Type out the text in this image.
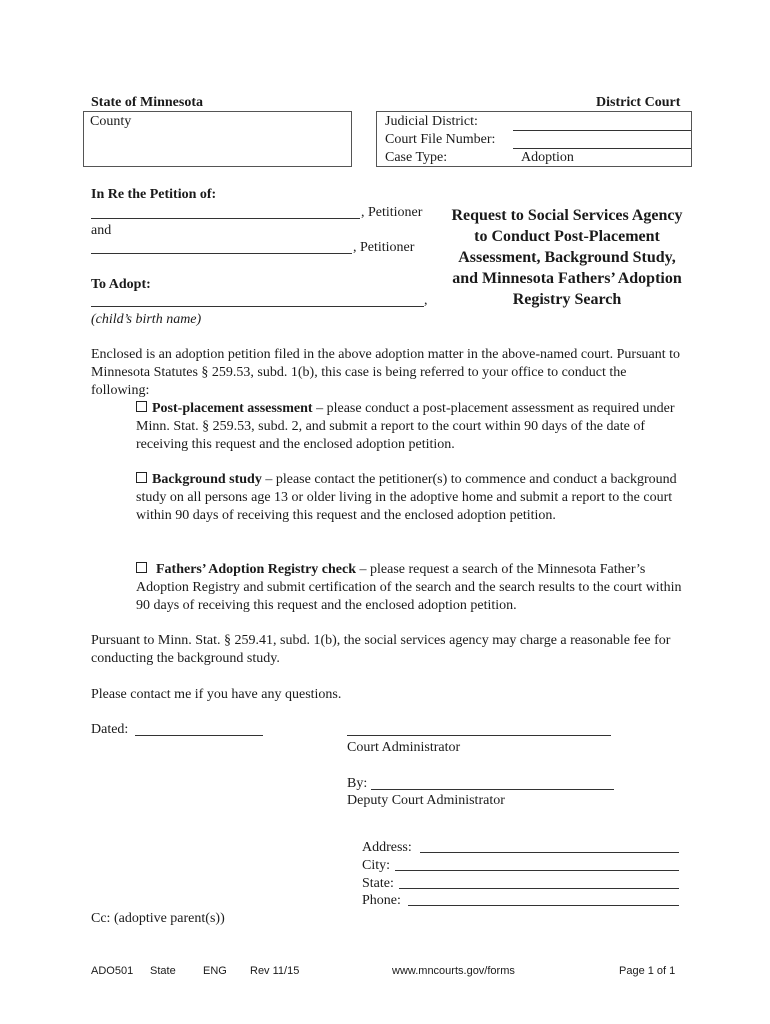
State of Minnesota	District Court
County	Judicial District:
Court File Number:
Case Type:	Adoption
In Re the Petition of:
, Petitioner
and
, Petitioner
To Adopt:
,
(child’s birth name)
Request to Social Services Agency to Conduct Post-Placement Assessment, Background Study, and Minnesota Fathers’ Adoption Registry Search
Enclosed is an adoption petition filed in the above adoption matter in the above-named court. Pursuant to Minnesota Statutes § 259.53, subd. 1(b), this case is being referred to your office to conduct the following:
Post-placement assessment – please conduct a post-placement assessment as required under Minn. Stat. § 259.53, subd. 2, and submit a report to the court within 90 days of the date of receiving this request and the enclosed adoption petition.
Background study – please contact the petitioner(s) to commence and conduct a background study on all persons age 13 or older living in the adoptive home and submit a report to the court within 90 days of receiving this request and the enclosed adoption petition.
Fathers’ Adoption Registry check – please request a search of the Minnesota Father’s Adoption Registry and submit certification of the search and the search results to the court within 90 days of receiving this request and the enclosed adoption petition.
Pursuant to Minn. Stat. § 259.41, subd. 1(b), the social services agency may charge a reasonable fee for conducting the background study.
Please contact me if you have any questions.
Dated:
Court Administrator
By:
Deputy Court Administrator
Address:
City:
State:
Phone:
Cc: (adoptive parent(s))
ADO501 State ENG Rev 11/15	www.mncourts.gov/forms	Page 1 of 1
